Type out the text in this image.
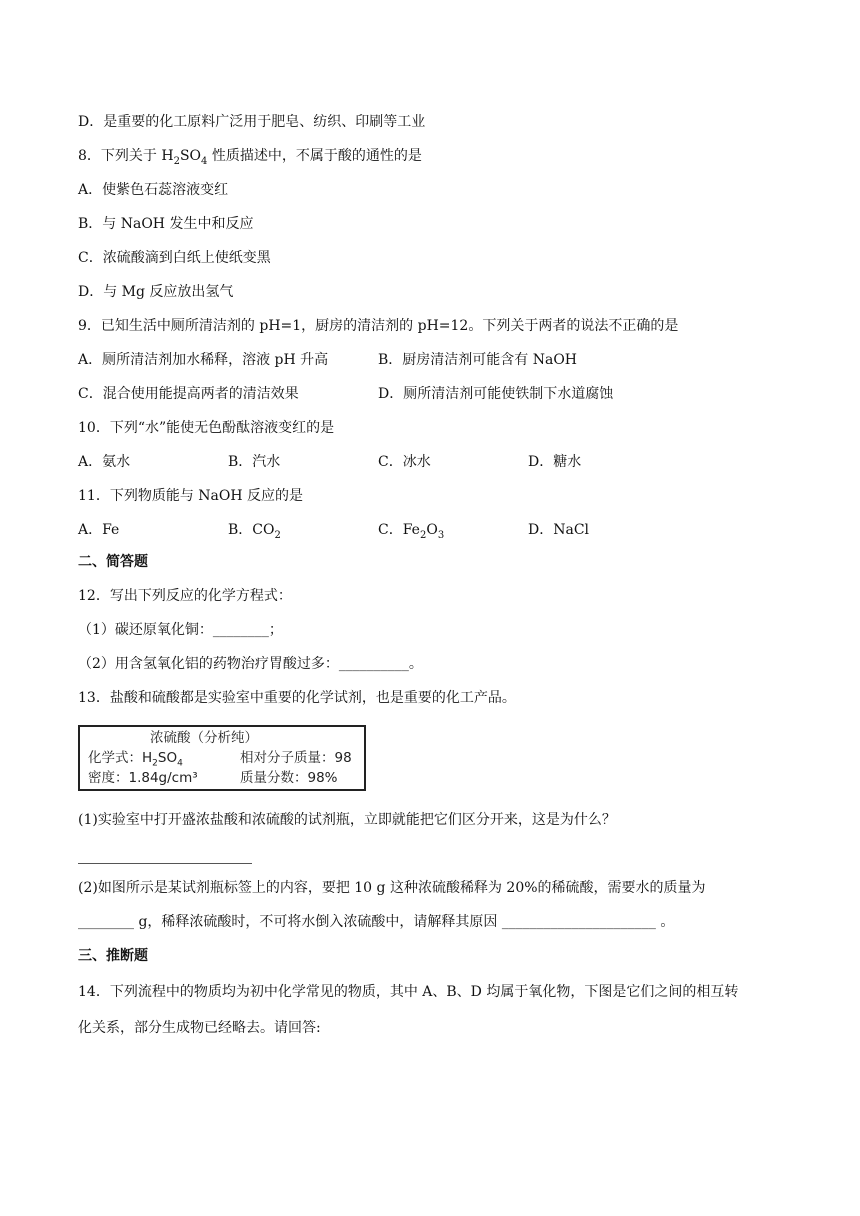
D．是重要的化工原料广泛用于肥皂、纺织、印刷等工业
8．下列关于 $H_2SO_4$ 性质描述中，不属于酸的通性的是
A．使紫色石蕊溶液变红
B．与 NaOH 发生中和反应
C．浓硫酸滴到白纸上使纸变黑
D．与 Mg 反应放出氢气
9．已知生活中厕所清洁剂的 pH=1，厨房的清洁剂的 pH=12。下列关于两者的说法不正确的是
A．厕所清洁剂加水稀释，溶液 pH 升高	B．厨房清洁剂可能含有 NaOH
C．混合使用能提高两者的清洁效果	D．厕所清洁剂可能使铁制下水道腐蚀
10．下列“水”能使无色酚酞溶液变红的是
A．氨水	B．汽水	C．冰水	D．糖水
11．下列物质能与 NaOH 反应的是
A．Fe	B．$CO_2$	C．$Fe_2O_3$	D．NaCl
二、简答题
12．写出下列反应的化学方程式：
（1）碳还原氧化铜：________；
（2）用含氢氧化铝的药物治疗胃酸过多：__________。
13．盐酸和硫酸都是实验室中重要的化学试剂，也是重要的化工产品。
浓硫酸（分析纯）
化学式：$H_2SO_4$	相对分子质量：98
密度：1.84g/cm³	质量分数：98%
(1)实验室中打开盛浓盐酸和浓硫酸的试剂瓶，立即就能把它们区分开来，这是为什么？
(2)如图所示是某试剂瓶标签上的内容，要把 10 g 这种浓硫酸稀释为 20%的稀硫酸，需要水的质量为
________ g，稀释浓硫酸时，不可将水倒入浓硫酸中，请解释其原因 ______________________ 。
三、推断题
14．下列流程中的物质均为初中化学常见的物质，其中 A、B、D 均属于氧化物，下图是它们之间的相互转
化关系，部分生成物已经略去。请回答:
